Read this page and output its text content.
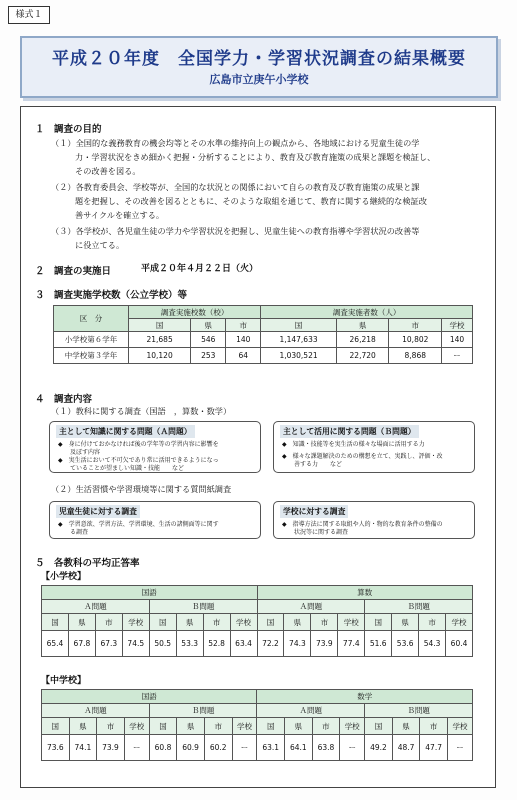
様式１
平成２０年度　全国学力・学習状況調査の結果概要
広島市立庚午小学校
１　調査の目的
（１）全国的な義務教育の機会均等とその水準の維持向上の観点から、各地域における児童生徒の学
力・学習状況をきめ細かく把握・分析することにより、教育及び教育施策の成果と課題を検証し、
その改善を図る。
（２）各教育委員会、学校等が、全国的な状況との関係において自らの教育及び教育施策の成果と課
題を把握し、その改善を図るとともに、そのような取組を通じて、教育に関する継続的な検証改
善サイクルを確立する。
（３）各学校が、各児童生徒の学力や学習状況を把握し、児童生徒への教育指導や学習状況の改善等
に役立てる。
２　調査の実施日	平成２０年４月２２日（火）
３　調査実施学校数（公立学校）等
区　分	調査実施校数（校）			調査実施者数（人）			
	国	県	市	国	県	市	学校
小学校第６学年	21,685	546	140	1,147,633	26,218	10,802	140
中学校第３学年	10,120	253	64	1,030,521	22,720	8,868	ー
４　調査内容
（１）教科に関する調査（国語　，算数・数学）
主として知識に関する問題（Ａ問題）
◆　身に付けておかなければ後の学年等の学習内容に影響を
　　及ぼす内容
◆　実生活において不可欠であり常に活用できるようになっ
　　ていることが望ましい知識・技能　　など
主として活用に関する問題（Ｂ問題）
◆　知識・技能等を実生活の様々な場面に活用する力
◆　様々な課題解決のための構想を立て、実践し、評価・改
　　善する力　　など
（２）生活習慣や学習環境等に関する質問紙調査
児童生徒に対する調査
◆　学習意欲、学習方法、学習環境、生活の諸側面等に関す
　　る調査
学校に対する調査
◆　指導方法に関する取組や人的・物的な教育条件の整備の
　　状況等に関する調査
５　各教科の平均正答率
【小学校】
国語								算数							
Ａ問題				Ｂ問題				Ａ問題				Ｂ問題			
国	県	市	学校	国	県	市	学校	国	県	市	学校	国	県	市	学校
65.4	67.8	67.3	74.5	50.5	53.3	52.8	63.4	72.2	74.3	73.9	77.4	51.6	53.6	54.3	60.4
【中学校】
国語								数学							
Ａ問題				Ｂ問題				Ａ問題				Ｂ問題			
国	県	市	学校	国	県	市	学校	国	県	市	学校	国	県	市	学校
73.6	74.1	73.9	ー	60.8	60.9	60.2	ー	63.1	64.1	63.8	ー	49.2	48.7	47.7	ー
